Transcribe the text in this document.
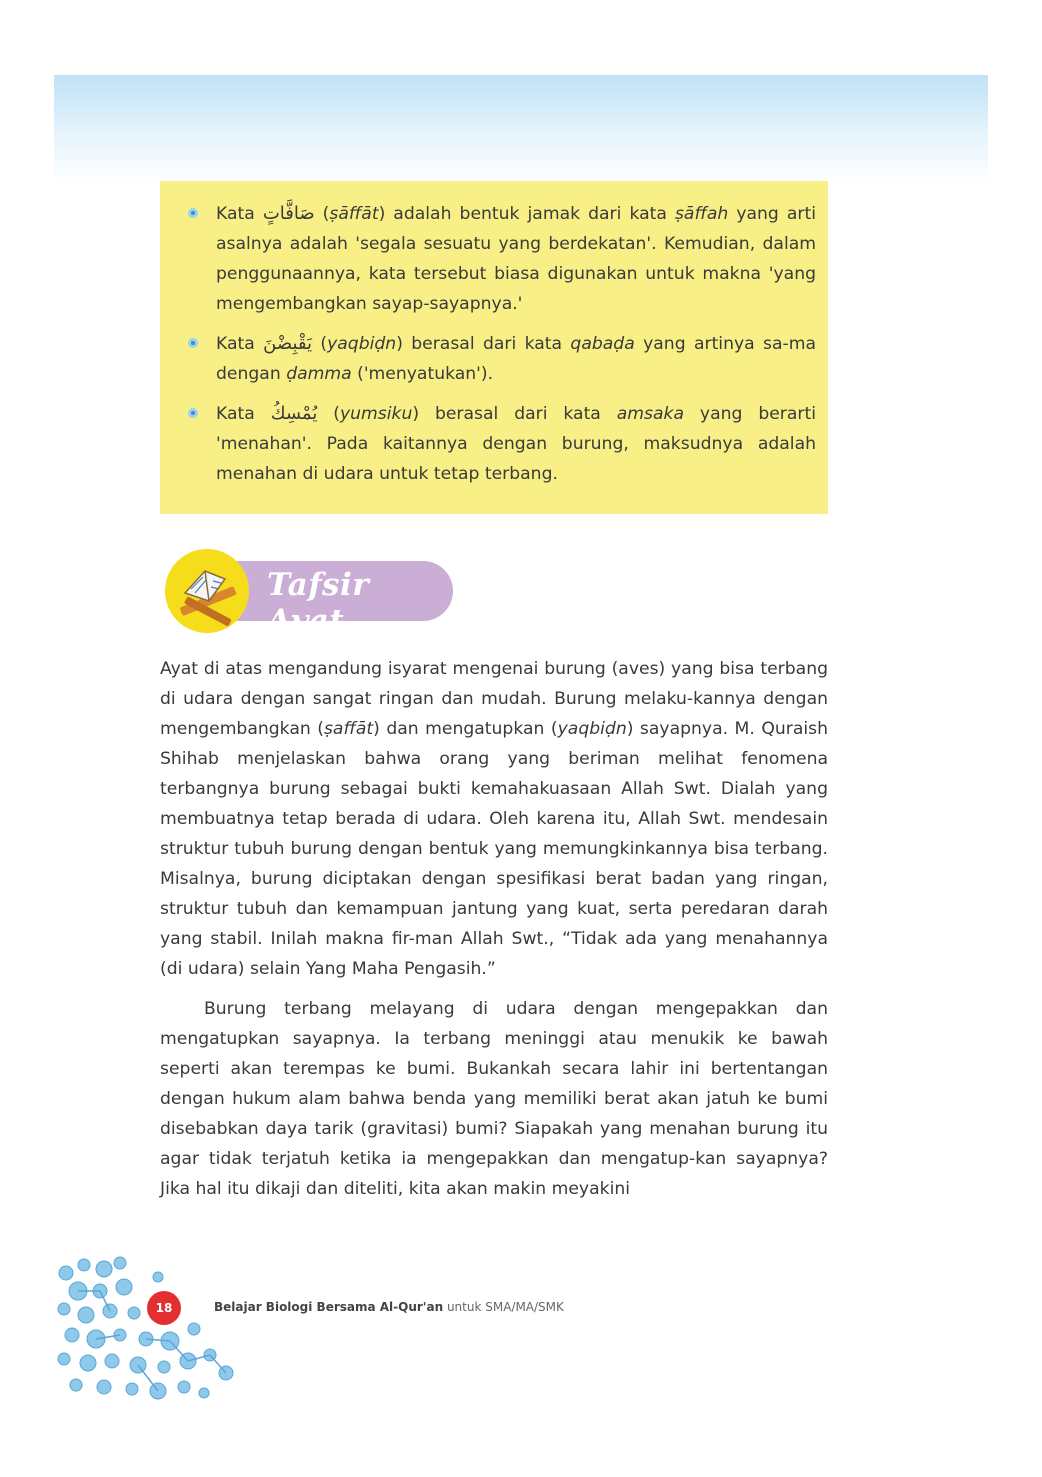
Kata صَافَّاتٍ (ṣāffāt) adalah bentuk jamak dari kata ṣāffah yang arti asalnya adalah 'segala sesuatu yang berdekatan'. Kemudian, dalam penggunaannya, kata tersebut biasa digunakan untuk makna 'yang mengembangkan sayap-sayapnya.'

Kata يَقْبِضْنَ (yaqbiḍn) berasal dari kata qabaḍa yang artinya sa-ma dengan ḍamma ('menyatukan').

Kata يُمْسِكُ (yumsiku) berasal dari kata amsaka yang berarti 'menahan'. Pada kaitannya dengan burung, maksudnya adalah menahan di udara untuk tetap terbang.

Tafsir Ayat

Ayat di atas mengandung isyarat mengenai burung (aves) yang bisa terbang di udara dengan sangat ringan dan mudah. Burung melaku-kannya dengan mengembangkan (ṣaffāt) dan mengatupkan (yaqbiḍn) sayapnya. M. Quraish Shihab menjelaskan bahwa orang yang beriman melihat fenomena terbangnya burung sebagai bukti kemahakuasaan Allah Swt. Dialah yang membuatnya tetap berada di udara. Oleh karena itu, Allah Swt. mendesain struktur tubuh burung dengan bentuk yang memungkinkannya bisa terbang. Misalnya, burung diciptakan dengan spesifikasi berat badan yang ringan, struktur tubuh dan kemampuan jantung yang kuat, serta peredaran darah yang stabil. Inilah makna fir-man Allah Swt., “Tidak ada yang menahannya (di udara) selain Yang Maha Pengasih.”

Burung terbang melayang di udara dengan mengepakkan dan mengatupkan sayapnya. Ia terbang meninggi atau menukik ke bawah seperti akan terempas ke bumi. Bukankah secara lahir ini bertentangan dengan hukum alam bahwa benda yang memiliki berat akan jatuh ke bumi disebabkan daya tarik (gravitasi) bumi? Siapakah yang menahan burung itu agar tidak terjatuh ketika ia mengepakkan dan mengatup-kan sayapnya? Jika hal itu dikaji dan diteliti, kita akan makin meyakini

18	Belajar Biologi Bersama Al-Qur'an untuk SMA/MA/SMK
